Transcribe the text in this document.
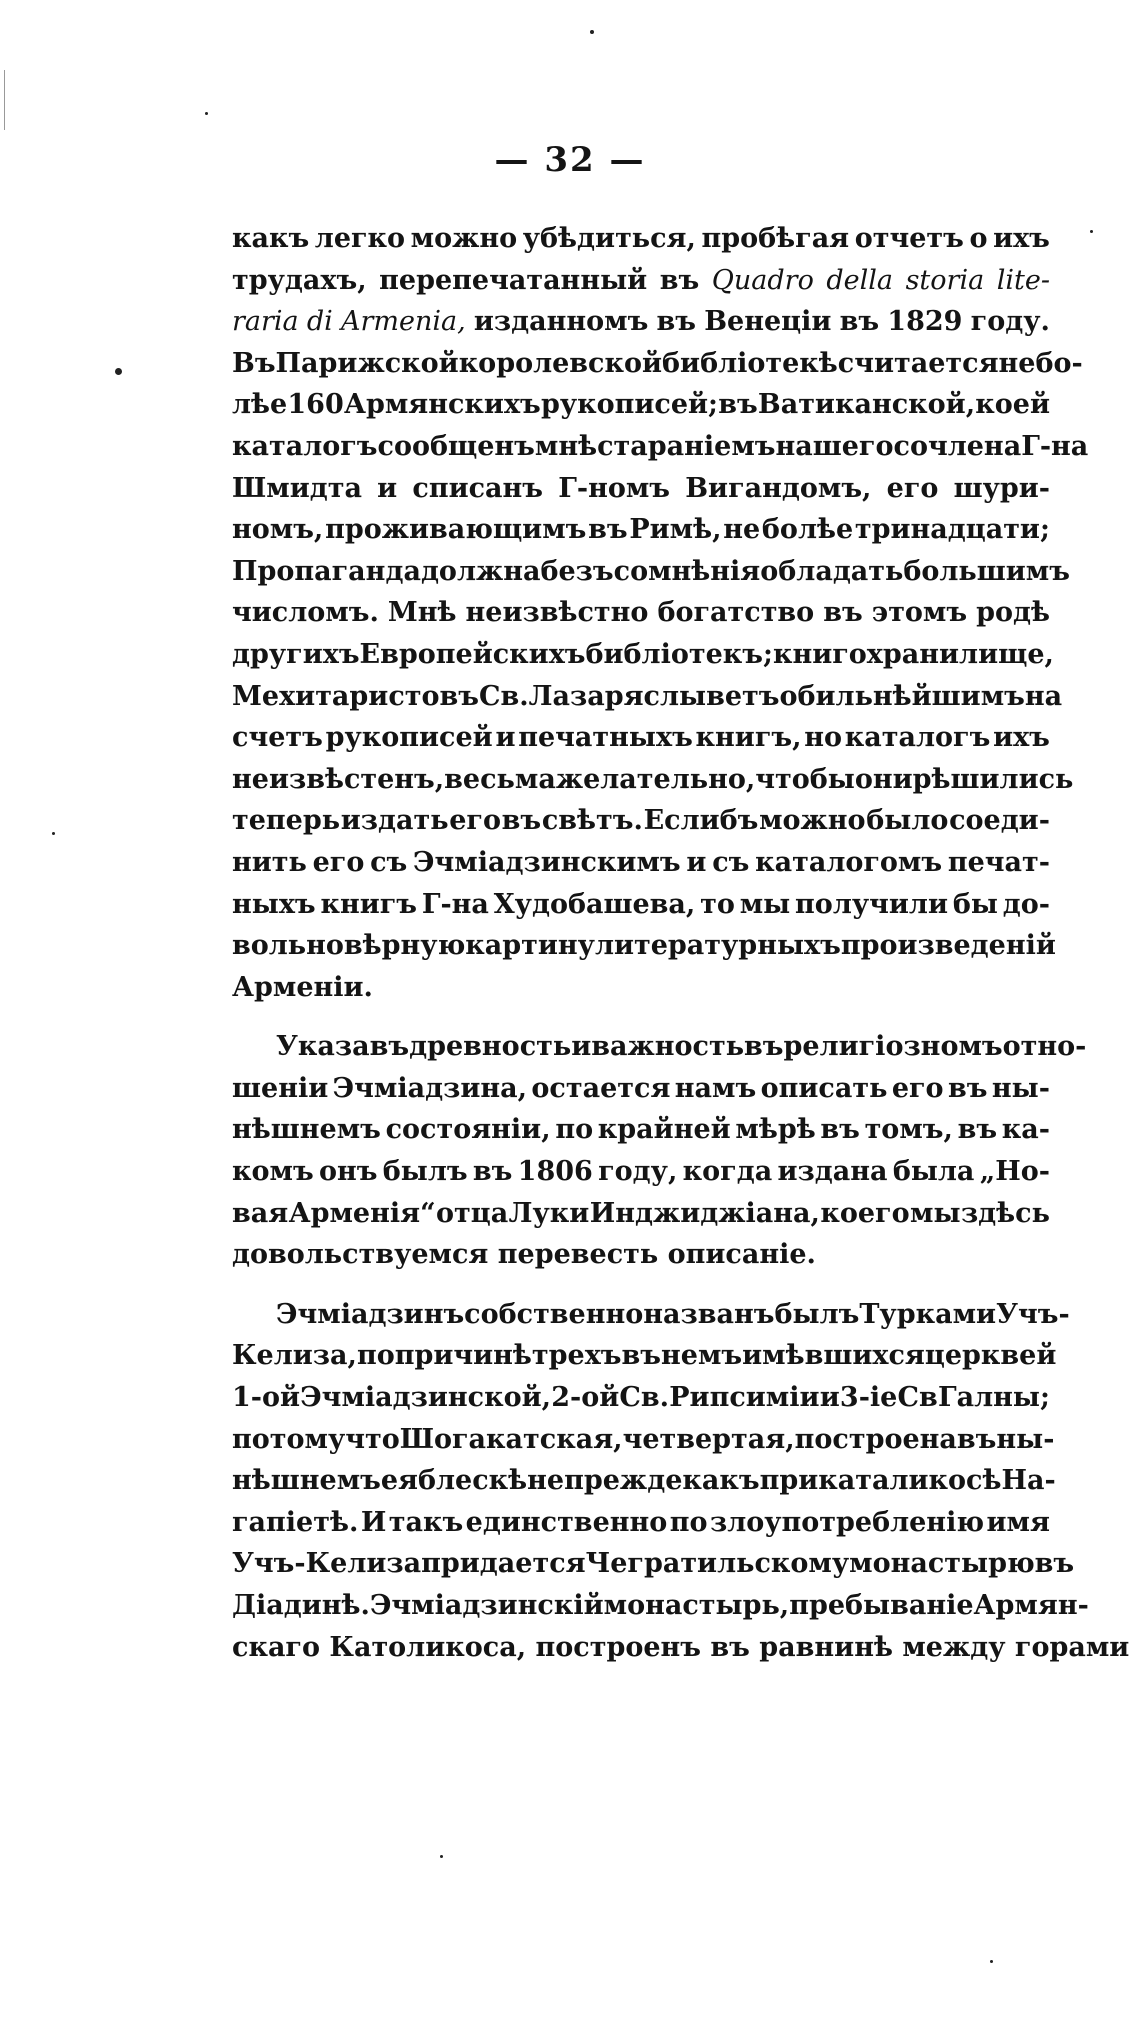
— 32 —
какъ легко можно убѣдиться, пробѣгая отчетъ о ихъ
трудахъ, перепечатанный въ Quadro della storia lite-
raria di Armenia, изданномъ въ Венеціи въ 1829 году.
Въ Парижской королевской библіотекѣ считается не бо-
лѣе 160 Армянскихъ рукописей; въ Ватиканской, коей
каталогъ сообщенъ мнѣ стараніемъ нашего сочлена Г-на
Шмидта и списанъ Г-номъ Вигандомъ, его шури-
номъ, проживающимъ въ Римѣ, не болѣе тринадцати;
Пропаганда должна безъ сомнѣнія обладать большимъ
числомъ. Мнѣ неизвѣстно богатство въ этомъ родѣ
другихъ Европейскихъ библіотекъ; книгохранилище,
Мехитаристовъ Св. Лазаря слыветъ обильнѣйшимъ на
счетъ рукописей и печатныхъ книгъ, но каталогъ ихъ
неизвѣстенъ, весьма желательно, чтобы они рѣшились
теперь издать его въ свѣтъ. Еслибъ можно было соеди-
нить его съ Эчміадзинскимъ и съ каталогомъ печат-
ныхъ книгъ Г-на Худобашева, то мы получили бы до-
вольно вѣрную картину литературныхъ произведеній
Арменіи.
Указавъ древность и важность въ религіозномъ отно-
шеніи Эчміадзина, остается намъ описать его въ ны-
нѣшнемъ состояніи, по крайней мѣрѣ въ томъ, въ ка-
комъ онъ былъ въ 1806 году, когда издана была „Но-
вая Арменія“ отца Луки Инджиджіана, коего мы здѣсь
довольствуемся перевесть описаніе.
Эчміадзинъ собственно названъ былъ Турками Учъ-
Келиза, по причинѣ трехъ въ немъ имѣвшихся церквей
1-ой Эчміадзинской, 2-ой Св. Рипсиміи и 3-іе Св Галны;
потому что Шогакатская, четвертая, построена въ ны-
нѣшнемъ ея блескѣ не прежде какъ при каталикосѣ На-
гапіетѣ. И такъ единственно по злоупотребленію имя
Учъ-Келиза придается Чегратильскому монастырю въ
Діадинѣ. Эчміадзинскій монастырь, пребываніе Армян-
скаго Католикоса, построенъ въ равнинѣ между горами
